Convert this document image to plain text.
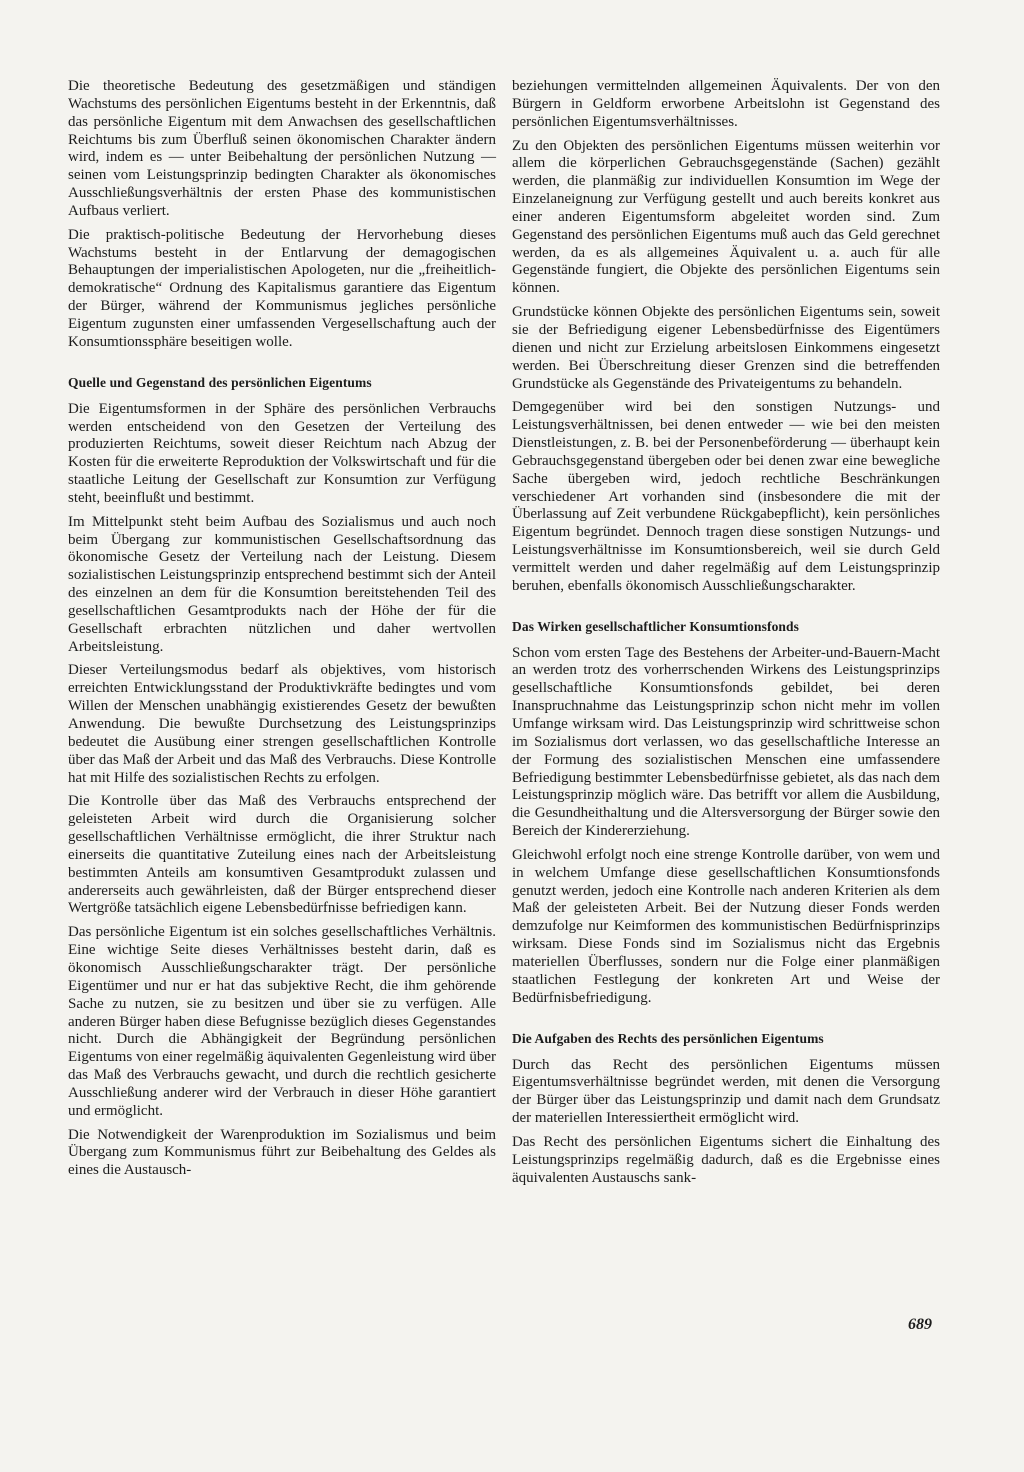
Die theoretische Bedeutung des gesetzmäßigen und ständigen Wachstums des persönlichen Eigentums besteht in der Erkenntnis, daß das persönliche Eigentum mit dem Anwachsen des gesellschaftlichen Reichtums bis zum Überfluß seinen ökonomischen Charakter ändern wird, indem es — unter Beibehaltung der persönlichen Nutzung — seinen vom Leistungsprinzip bedingten Charakter als ökonomisches Ausschließungsverhältnis der ersten Phase des kommunistischen Aufbaus verliert.

Die praktisch-politische Bedeutung der Hervorhebung dieses Wachstums besteht in der Entlarvung der demagogischen Behauptungen der imperialistischen Apologeten, nur die „freiheitlich-demokratische“ Ordnung des Kapitalismus garantiere das Eigentum der Bürger, während der Kommunismus jegliches persönliche Eigentum zugunsten einer umfassenden Vergesellschaftung auch der Konsumtionssphäre beseitigen wolle.

Quelle und Gegenstand des persönlichen Eigentums

Die Eigentumsformen in der Sphäre des persönlichen Verbrauchs werden entscheidend von den Gesetzen der Verteilung des produzierten Reichtums, soweit dieser Reichtum nach Abzug der Kosten für die erweiterte Reproduktion der Volkswirtschaft und für die staatliche Leitung der Gesellschaft zur Konsumtion zur Verfügung steht, beeinflußt und bestimmt.

Im Mittelpunkt steht beim Aufbau des Sozialismus und auch noch beim Übergang zur kommunistischen Gesellschaftsordnung das ökonomische Gesetz der Verteilung nach der Leistung. Diesem sozialistischen Leistungsprinzip entsprechend bestimmt sich der Anteil des einzelnen an dem für die Konsumtion bereitstehenden Teil des gesellschaftlichen Gesamtprodukts nach der Höhe der für die Gesellschaft erbrachten nützlichen und daher wertvollen Arbeitsleistung.

Dieser Verteilungsmodus bedarf als objektives, vom historisch erreichten Entwicklungsstand der Produktivkräfte bedingtes und vom Willen der Menschen unabhängig existierendes Gesetz der bewußten Anwendung. Die bewußte Durchsetzung des Leistungsprinzips bedeutet die Ausübung einer strengen gesellschaftlichen Kontrolle über das Maß der Arbeit und das Maß des Verbrauchs. Diese Kontrolle hat mit Hilfe des sozialistischen Rechts zu erfolgen.

Die Kontrolle über das Maß des Verbrauchs entsprechend der geleisteten Arbeit wird durch die Organisierung solcher gesellschaftlichen Verhältnisse ermöglicht, die ihrer Struktur nach einerseits die quantitative Zuteilung eines nach der Arbeitsleistung bestimmten Anteils am konsumtiven Gesamtprodukt zulassen und andererseits auch gewährleisten, daß der Bürger entsprechend dieser Wertgröße tatsächlich eigene Lebensbedürfnisse befriedigen kann.

Das persönliche Eigentum ist ein solches gesellschaftliches Verhältnis. Eine wichtige Seite dieses Verhältnisses besteht darin, daß es ökonomisch Ausschließungscharakter trägt. Der persönliche Eigentümer und nur er hat das subjektive Recht, die ihm gehörende Sache zu nutzen, sie zu besitzen und über sie zu verfügen. Alle anderen Bürger haben diese Befugnisse bezüglich dieses Gegenstandes nicht. Durch die Abhängigkeit der Begründung persönlichen Eigentums von einer regelmäßig äquivalenten Gegenleistung wird über das Maß des Verbrauchs gewacht, und durch die rechtlich gesicherte Ausschließung anderer wird der Verbrauch in dieser Höhe garantiert und ermöglicht.

Die Notwendigkeit der Warenproduktion im Sozialismus und beim Übergang zum Kommunismus führt zur Beibehaltung des Geldes als eines die Austausch-

beziehungen vermittelnden allgemeinen Äquivalents. Der von den Bürgern in Geldform erworbene Arbeitslohn ist Gegenstand des persönlichen Eigentumsverhältnisses.

Zu den Objekten des persönlichen Eigentums müssen weiterhin vor allem die körperlichen Gebrauchsgegenstände (Sachen) gezählt werden, die planmäßig zur individuellen Konsumtion im Wege der Einzelaneignung zur Verfügung gestellt und auch bereits konkret aus einer anderen Eigentumsform abgeleitet worden sind. Zum Gegenstand des persönlichen Eigentums muß auch das Geld gerechnet werden, da es als allgemeines Äquivalent u. a. auch für alle Gegenstände fungiert, die Objekte des persönlichen Eigentums sein können.

Grundstücke können Objekte des persönlichen Eigentums sein, soweit sie der Befriedigung eigener Lebensbedürfnisse des Eigentümers dienen und nicht zur Erzielung arbeitslosen Einkommens eingesetzt werden. Bei Überschreitung dieser Grenzen sind die betreffenden Grundstücke als Gegenstände des Privateigentums zu behandeln.

Demgegenüber wird bei den sonstigen Nutzungs- und Leistungsverhältnissen, bei denen entweder — wie bei den meisten Dienstleistungen, z. B. bei der Personenbeförderung — überhaupt kein Gebrauchsgegenstand übergeben oder bei denen zwar eine bewegliche Sache übergeben wird, jedoch rechtliche Beschränkungen verschiedener Art vorhanden sind (insbesondere die mit der Überlassung auf Zeit verbundene Rückgabepflicht), kein persönliches Eigentum begründet. Dennoch tragen diese sonstigen Nutzungs- und Leistungsverhältnisse im Konsumtionsbereich, weil sie durch Geld vermittelt werden und daher regelmäßig auf dem Leistungsprinzip beruhen, ebenfalls ökonomisch Ausschließungscharakter.

Das Wirken gesellschaftlicher Konsumtionsfonds

Schon vom ersten Tage des Bestehens der Arbeiter-und-Bauern-Macht an werden trotz des vorherrschenden Wirkens des Leistungsprinzips gesellschaftliche Konsumtionsfonds gebildet, bei deren Inanspruchnahme das Leistungsprinzip schon nicht mehr im vollen Umfange wirksam wird. Das Leistungsprinzip wird schrittweise schon im Sozialismus dort verlassen, wo das gesellschaftliche Interesse an der Formung des sozialistischen Menschen eine umfassendere Befriedigung bestimmter Lebensbedürfnisse gebietet, als das nach dem Leistungsprinzip möglich wäre. Das betrifft vor allem die Ausbildung, die Gesundheithaltung und die Altersversorgung der Bürger sowie den Bereich der Kindererziehung.

Gleichwohl erfolgt noch eine strenge Kontrolle darüber, von wem und in welchem Umfange diese gesellschaftlichen Konsumtionsfonds genutzt werden, jedoch eine Kontrolle nach anderen Kriterien als dem Maß der geleisteten Arbeit. Bei der Nutzung dieser Fonds werden demzufolge nur Keimformen des kommunistischen Bedürfnisprinzips wirksam. Diese Fonds sind im Sozialismus nicht das Ergebnis materiellen Überflusses, sondern nur die Folge einer planmäßigen staatlichen Festlegung der konkreten Art und Weise der Bedürfnisbefriedigung.

Die Aufgaben des Rechts des persönlichen Eigentums

Durch das Recht des persönlichen Eigentums müssen Eigentumsverhältnisse begründet werden, mit denen die Versorgung der Bürger über das Leistungsprinzip und damit nach dem Grundsatz der materiellen Interessiertheit ermöglicht wird.

Das Recht des persönlichen Eigentums sichert die Einhaltung des Leistungsprinzips regelmäßig dadurch, daß es die Ergebnisse eines äquivalenten Austauschs sank-

689
